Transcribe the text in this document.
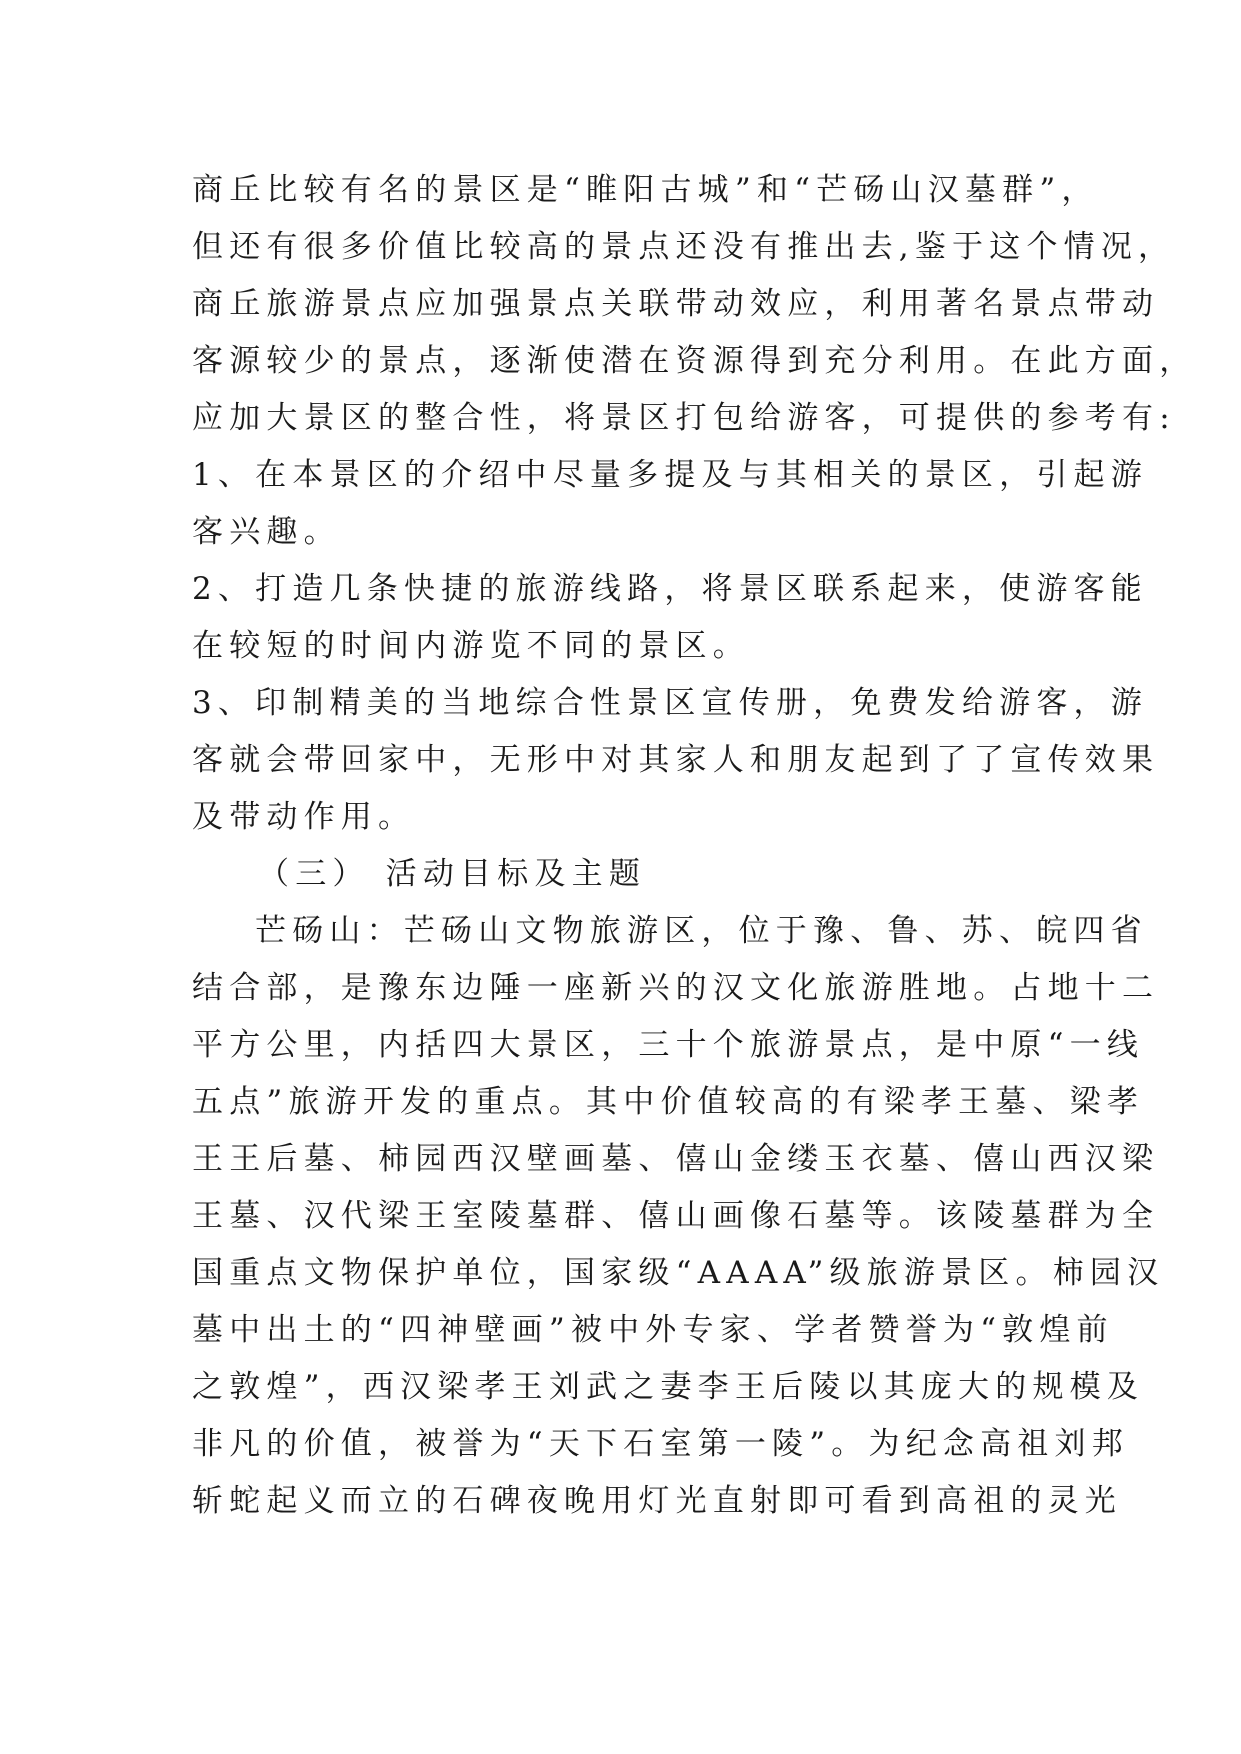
商丘比较有名的景区是“睢阳古城”和“芒砀山汉墓群”，
但还有很多价值比较高的景点还没有推出去,鉴于这个情况，
商丘旅游景点应加强景点关联带动效应，利用著名景点带动
客源较少的景点，逐渐使潜在资源得到充分利用。在此方面，
应加大景区的整合性，将景区打包给游客，可提供的参考有:
1、在本景区的介绍中尽量多提及与其相关的景区，引起游
客兴趣。
2、打造几条快捷的旅游线路，将景区联系起来，使游客能
在较短的时间内游览不同的景区。
3、印制精美的当地综合性景区宣传册，免费发给游客，游
客就会带回家中，无形中对其家人和朋友起到了了宣传效果
及带动作用。
（三） 活动目标及主题
芒砀山：芒砀山文物旅游区，位于豫、鲁、苏、皖四省
结合部，是豫东边陲一座新兴的汉文化旅游胜地。占地十二
平方公里，内括四大景区，三十个旅游景点，是中原“一线
五点”旅游开发的重点。其中价值较高的有梁孝王墓、梁孝
王王后墓、柿园西汉壁画墓、僖山金缕玉衣墓、僖山西汉梁
王墓、汉代梁王室陵墓群、僖山画像石墓等。该陵墓群为全
国重点文物保护单位，国家级“AAAA”级旅游景区。柿园汉
墓中出土的“四神壁画”被中外专家、学者赞誉为“敦煌前
之敦煌”，西汉梁孝王刘武之妻李王后陵以其庞大的规模及
非凡的价值，被誉为“天下石室第一陵”。为纪念高祖刘邦
斩蛇起义而立的石碑夜晚用灯光直射即可看到高祖的灵光
